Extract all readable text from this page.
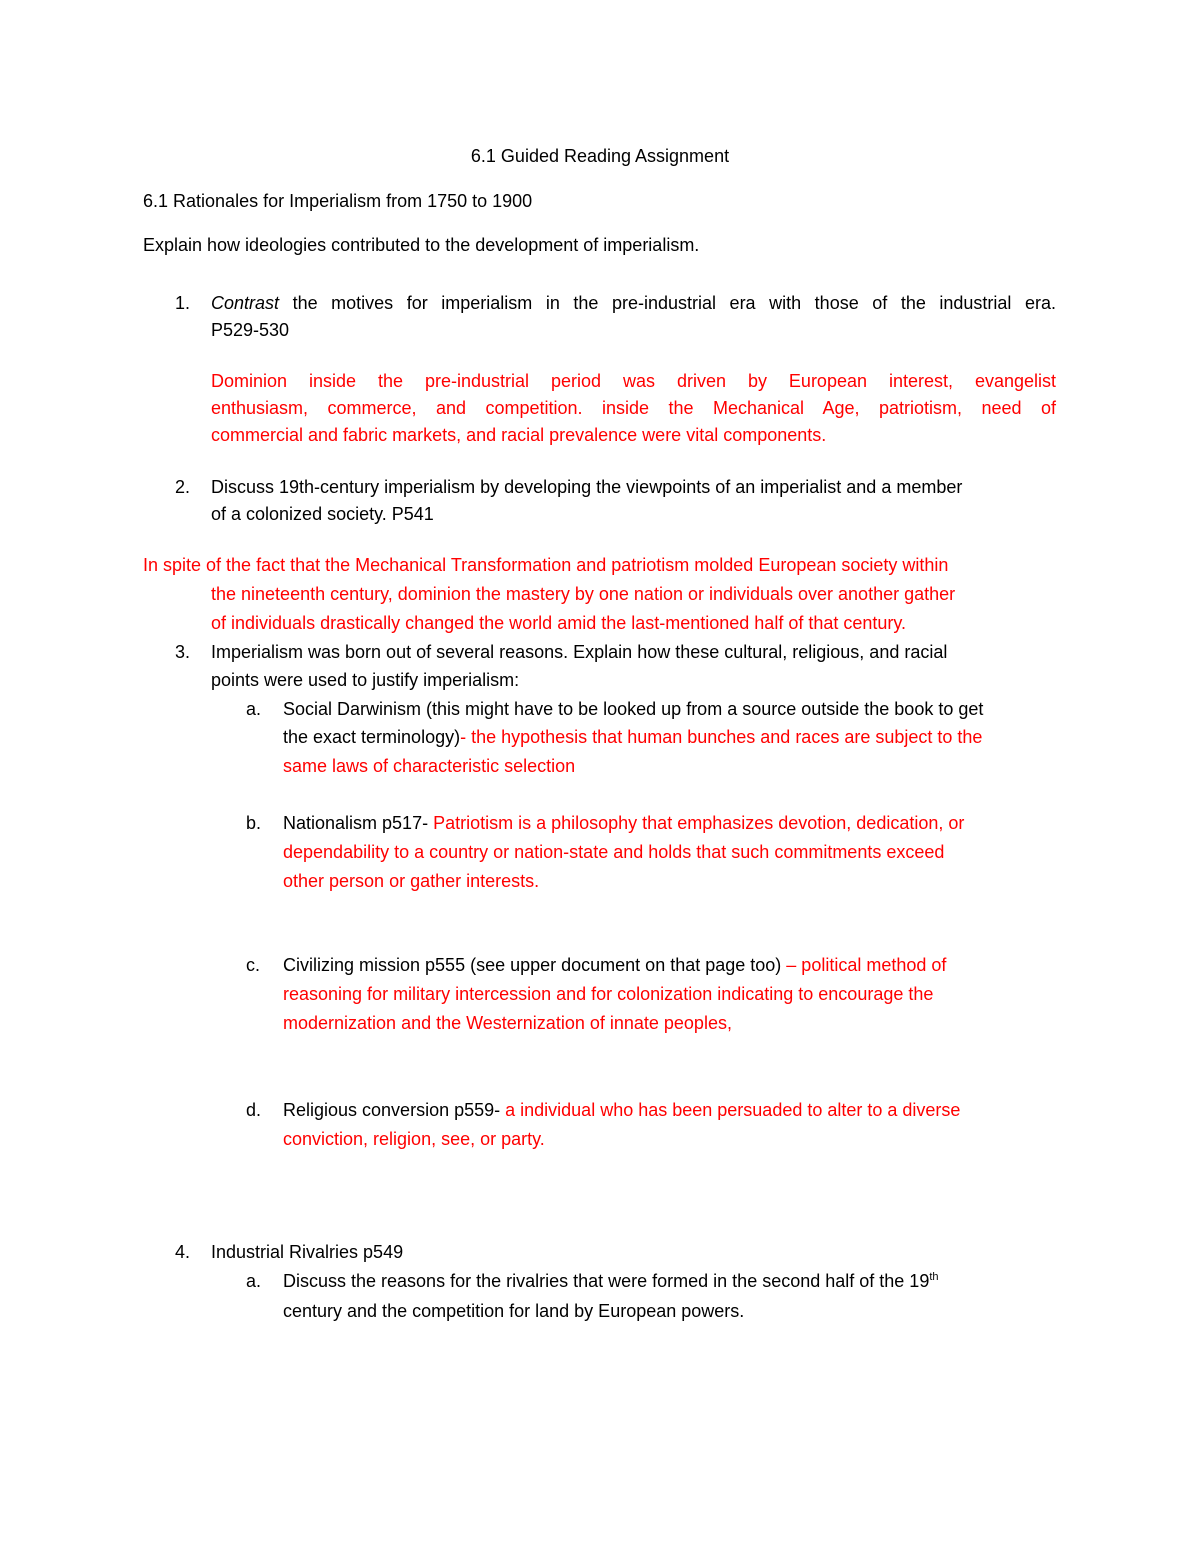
6.1 Guided Reading Assignment

6.1 Rationales for Imperialism from 1750 to 1900

Explain how ideologies contributed to the development of imperialism.

1. Contrast the motives for imperialism in the pre-industrial era with those of the industrial era.

P529-530

Dominion inside the pre-industrial period was driven by European interest, evangelist

enthusiasm, commerce, and competition. inside the Mechanical Age, patriotism, need of

commercial and fabric markets, and racial prevalence were vital components.

2. Discuss 19th-century imperialism by developing the viewpoints of an imperialist and a member

of a colonized society. P541

In spite of the fact that the Mechanical Transformation and patriotism molded European society within

the nineteenth century, dominion the mastery by one nation or individuals over another gather

of individuals drastically changed the world amid the last-mentioned half of that century.

3. Imperialism was born out of several reasons. Explain how these cultural, religious, and racial

points were used to justify imperialism:

a. Social Darwinism (this might have to be looked up from a source outside the book to get

the exact terminology)- the hypothesis that human bunches and races are subject to the

same laws of characteristic selection

b. Nationalism p517- Patriotism is a philosophy that emphasizes devotion, dedication, or

dependability to a country or nation-state and holds that such commitments exceed

other person or gather interests.

c. Civilizing mission p555 (see upper document on that page too) – political method of

reasoning for military intercession and for colonization indicating to encourage the

modernization and the Westernization of innate peoples,

d. Religious conversion p559- a individual who has been persuaded to alter to a diverse

conviction, religion, see, or party.

4. Industrial Rivalries p549

a. Discuss the reasons for the rivalries that were formed in the second half of the 19th

century and the competition for land by European powers.
